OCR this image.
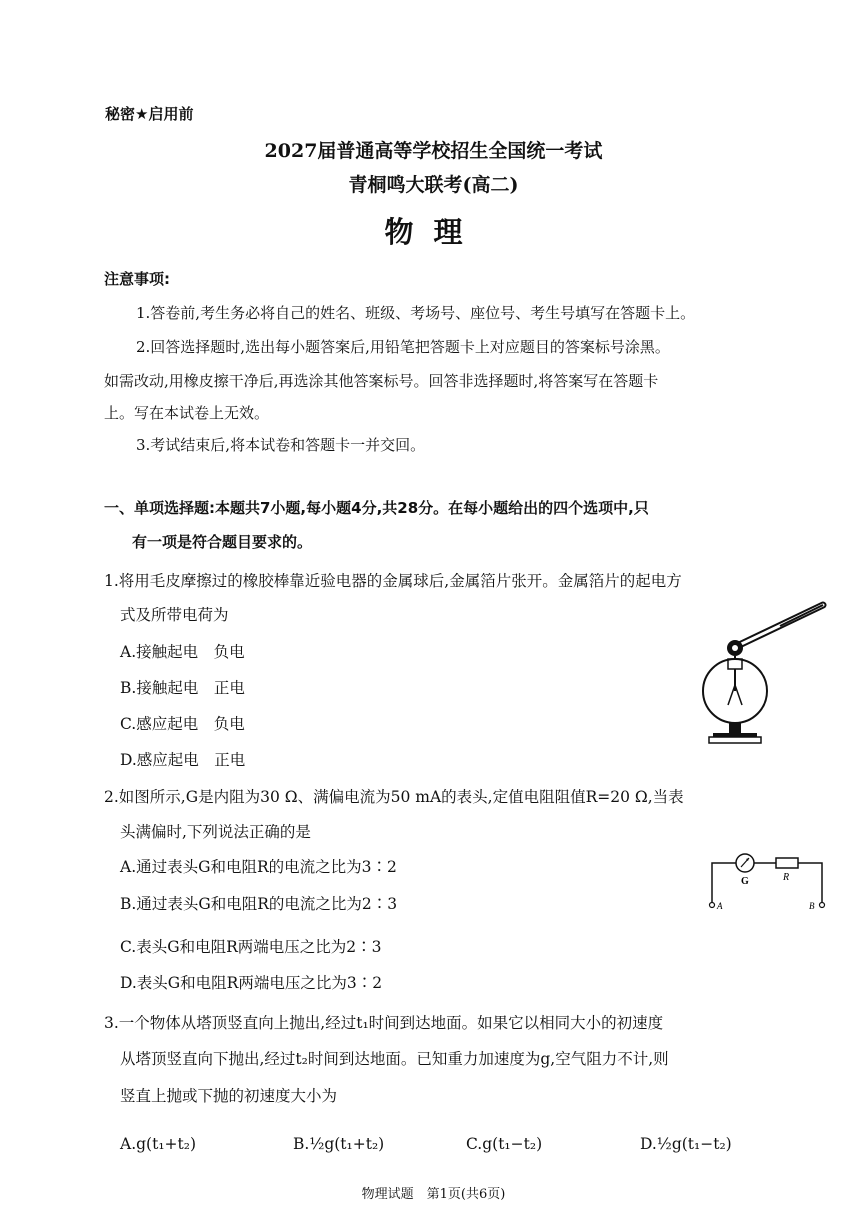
秘密★启用前
2027届普通高等学校招生全国统一考试
青桐鸣大联考(高二)
物理
注意事项:
1.答卷前,考生务必将自己的姓名、班级、考场号、座位号、考生号填写在答题卡上。
2.回答选择题时,选出每小题答案后,用铅笔把答题卡上对应题目的答案标号涂黑。
如需改动,用橡皮擦干净后,再选涂其他答案标号。回答非选择题时,将答案写在答题卡
上。写在本试卷上无效。
3.考试结束后,将本试卷和答题卡一并交回。
一、单项选择题:本题共7小题,每小题4分,共28分。在每小题给出的四个选项中,只
有一项是符合题目要求的。
1.将用毛皮摩擦过的橡胶棒靠近验电器的金属球后,金属箔片张开。金属箔片的起电方
式及所带电荷为
A.接触起电　负电
B.接触起电　正电
C.感应起电　负电
D.感应起电　正电
2.如图所示,G是内阻为30 Ω、满偏电流为50 mA的表头,定值电阻阻值R=20 Ω,当表
头满偏时,下列说法正确的是
A.通过表头G和电阻R的电流之比为3∶2
B.通过表头G和电阻R的电流之比为2∶3
C.表头G和电阻R两端电压之比为2∶3
D.表头G和电阻R两端电压之比为3∶2
G	R
A	B
3.一个物体从塔顶竖直向上抛出,经过t₁时间到达地面。如果它以相同大小的初速度
从塔顶竖直向下抛出,经过t₂时间到达地面。已知重力加速度为g,空气阻力不计,则
竖直上抛或下抛的初速度大小为
A.g(t₁+t₂)	B.½g(t₁+t₂)	C.g(t₁−t₂)	D.½g(t₁−t₂)
物理试题　第1页(共6页)
